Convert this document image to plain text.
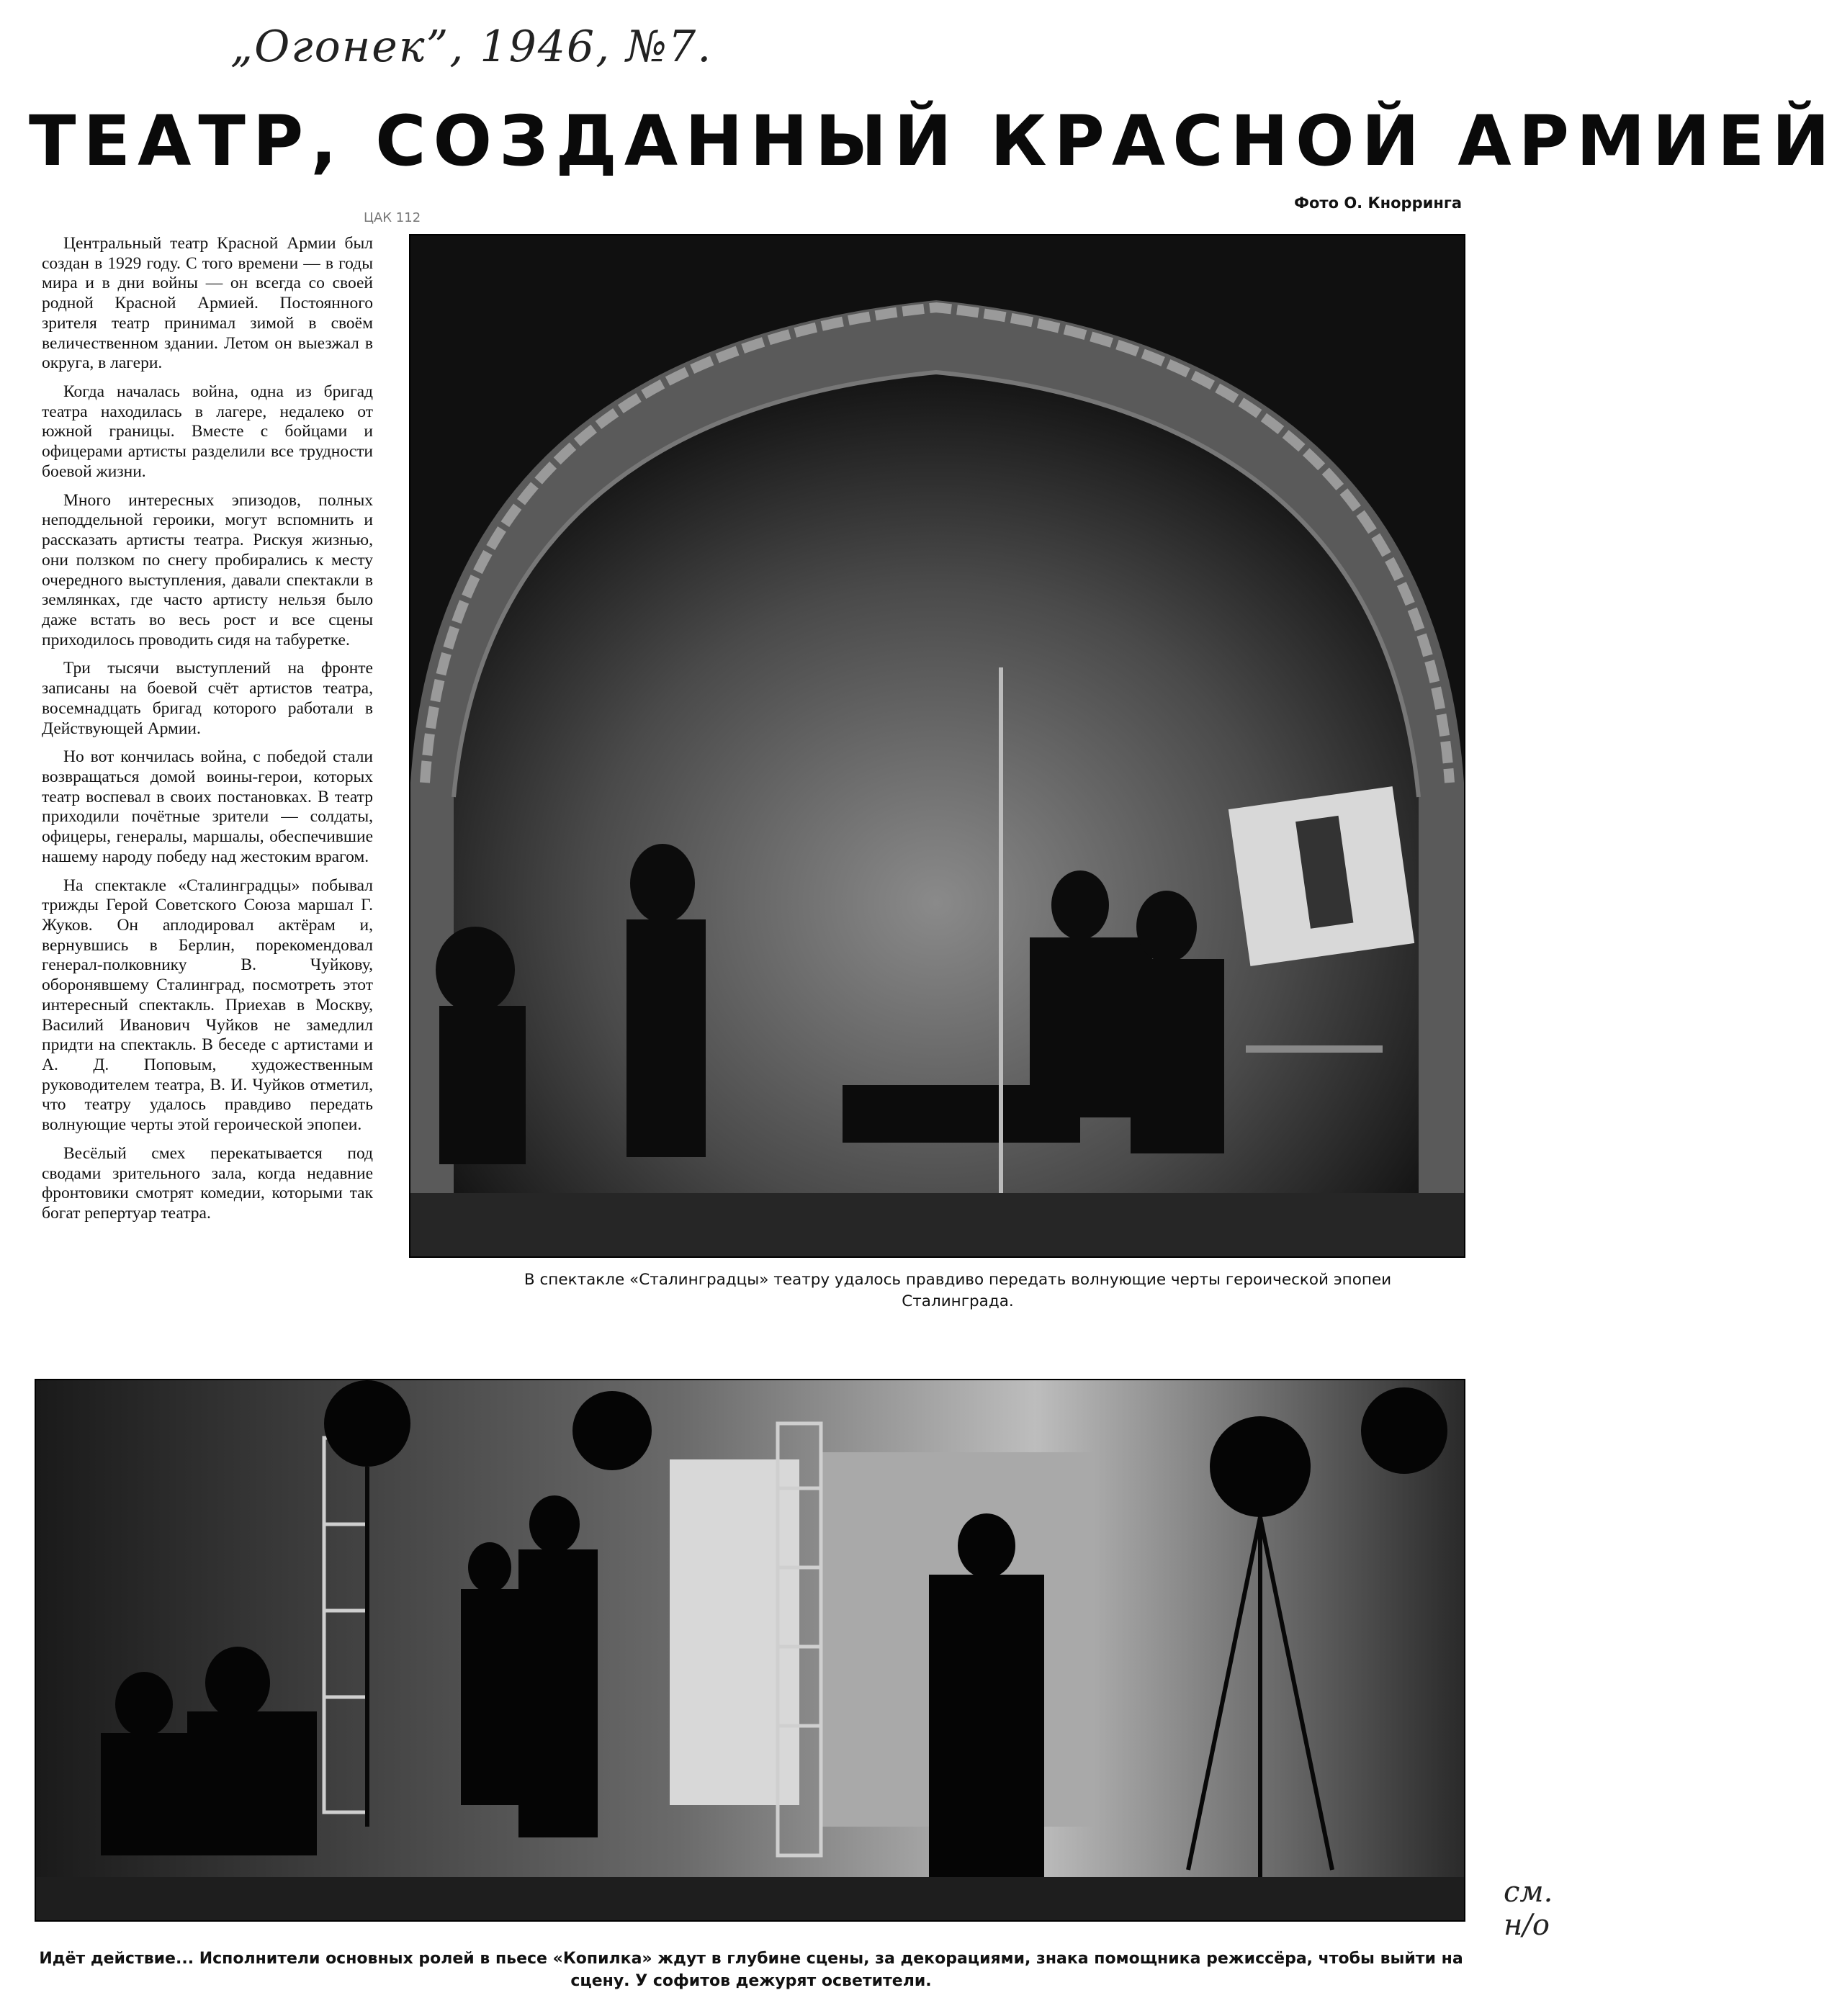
„Огонек”, 1946, №7.
ЦАК 112
ТЕАТР, СОЗДАННЫЙ КРАСНОЙ АРМИЕЙ
Фото О. Кнорринга

Центральный театр Красной Армии был создан в 1929 году. С того времени — в годы мира и в дни войны — он всегда со своей родной Красной Армией. Постоянного зрителя театр принимал зимой в своём величественном здании. Летом он выезжал в округа, в лагери.

Когда началась война, одна из бригад театра находилась в лагере, недалеко от южной границы. Вместе с бойцами и офицерами артисты разделили все трудности боевой жизни.

Много интересных эпизодов, полных неподдельной героики, могут вспомнить и рассказать артисты театра. Рискуя жизнью, они ползком по снегу пробирались к месту очередного выступления, давали спектакли в землянках, где часто артисту нельзя было даже встать во весь рост и все сцены приходилось проводить сидя на табуретке.

Три тысячи выступлений на фронте записаны на боевой счёт артистов театра, восемнадцать бригад которого работали в Действующей Армии.

Но вот кончилась война, с победой стали возвращаться домой воины-герои, которых театр воспевал в своих постановках. В театр приходили почётные зрители — солдаты, офицеры, генералы, маршалы, обеспечившие нашему народу победу над жестоким врагом.

На спектакле «Сталинградцы» побывал трижды Герой Советского Союза маршал Г. Жуков. Он аплодировал актёрам и, вернувшись в Берлин, порекомендовал генерал-полковнику В. Чуйкову, оборонявшему Сталинград, посмотреть этот интересный спектакль. Приехав в Москву, Василий Иванович Чуйков не замедлил придти на спектакль. В беседе с артистами и А. Д. Поповым, художественным руководителем театра, В. И. Чуйков отметил, что театру удалось правдиво передать волнующие черты этой героической эпопеи.

Весёлый смех перекатывается под сводами зрительного зала, когда недавние фронтовики смотрят комедии, которыми так богат репертуар театра.

В спектакле «Сталинградцы» театру удалось правдиво передать волнующие черты героической эпопеи Сталинграда.
Идёт действие... Исполнители основных ролей в пьесе «Копилка» ждут в глубине сцены, за декорациями, знака помощника режиссёра, чтобы выйти на сцену. У софитов дежурят осветители.
см. н/о
